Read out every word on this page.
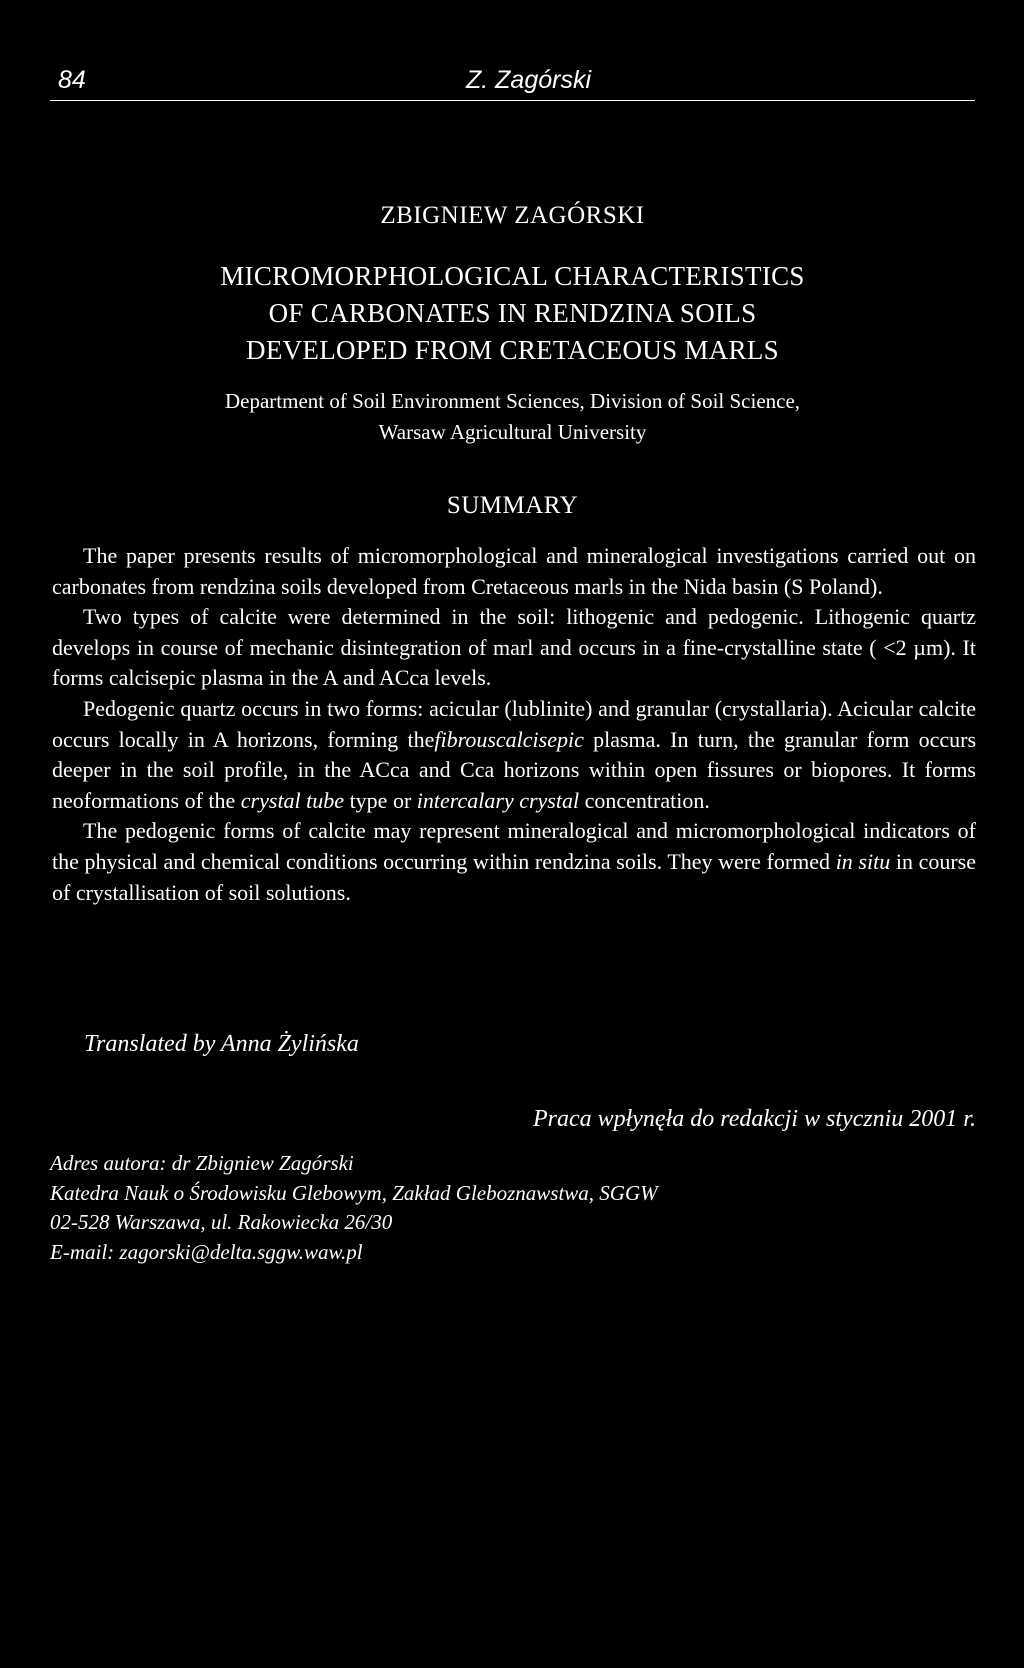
84	Z. Zagórski
ZBIGNIEW ZAGÓRSKI
MICROMORPHOLOGICAL CHARACTERISTICS
OF CARBONATES IN RENDZINA SOILS
DEVELOPED FROM CRETACEOUS MARLS
Department of Soil Environment Sciences, Division of Soil Science,
Warsaw Agricultural University
SUMMARY

The paper presents results of micromorphological and mineralogical investigations carried out on carbonates from rendzina soils developed from Cretaceous marls in the Nida basin (S Poland).

Two types of calcite were determined in the soil: lithogenic and pedogenic. Lithogenic quartz develops in course of mechanic disintegration of marl and occurs in a fine-crystalline state ( <2 µm). It forms calcisepic plasma in the A and ACca levels.

Pedogenic quartz occurs in two forms: acicular (lublinite) and granular (crystallaria). Acicular calcite occurs locally in A horizons, forming thefibrouscalcisepic plasma. In turn, the granular form occurs deeper in the soil profile, in the ACca and Cca horizons within open fissures or biopores. It forms neoformations of the crystal tube type or intercalary crystal concentration.

The pedogenic forms of calcite may represent mineralogical and micromorphological indicators of the physical and chemical conditions occurring within rendzina soils. They were formed in situ in course of crystallisation of soil solutions.

Translated by Anna Żylińska
Praca wpłynęła do redakcji w styczniu 2001 r.
Adres autora: dr Zbigniew Zagórski
Katedra Nauk o Środowisku Glebowym, Zakład Gleboznawstwa, SGGW
02-528 Warszawa, ul. Rakowiecka 26/30
E-mail: zagorski@delta.sggw.waw.pl
